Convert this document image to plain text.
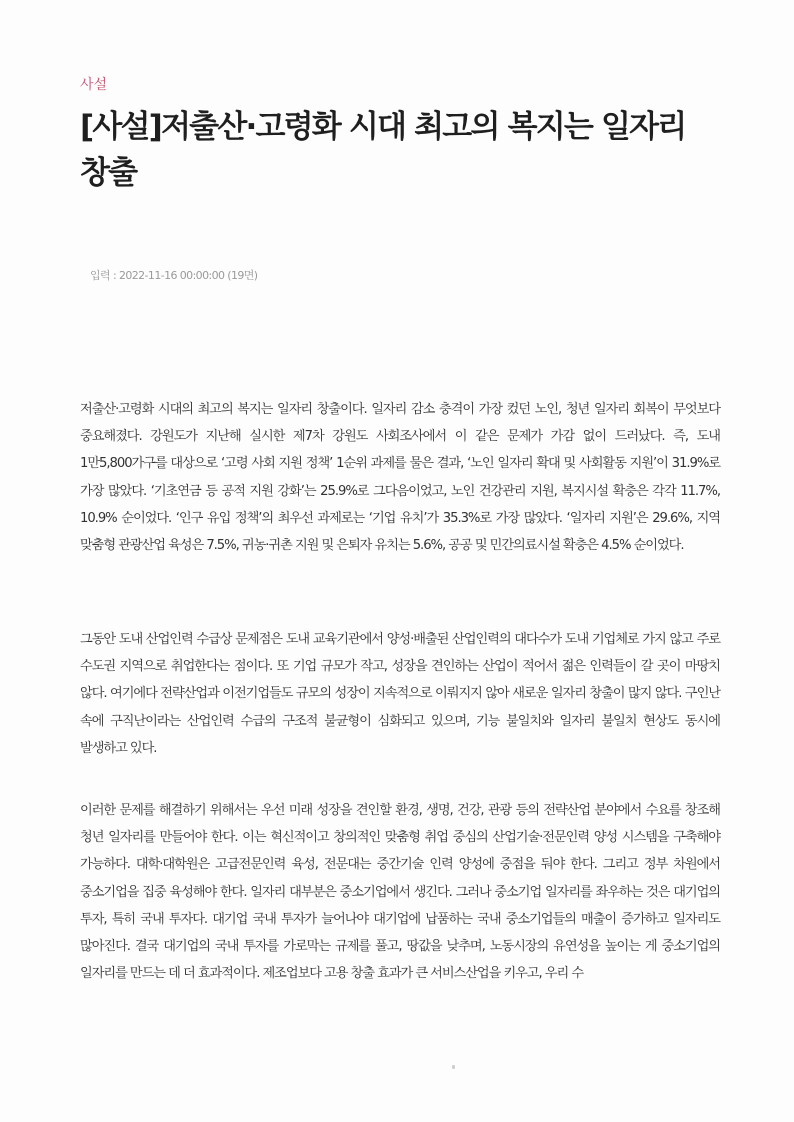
사설
[사설]저출산·고령화 시대 최고의 복지는 일자리 창출
입력 : 2022-11-16 00:00:00 (19면)

저출산·고령화 시대의 최고의 복지는 일자리 창출이다. 일자리 감소 충격이 가장 컸던 노인, 청년 일자리 회복이 무엇보다 중요해졌다. 강원도가 지난해 실시한 제7차 강원도 사회조사에서 이 같은 문제가 가감 없이 드러났다. 즉, 도내 1만5,800가구를 대상으로 ‘고령 사회 지원 정책’ 1순위 과제를 물은 결과, ‘노인 일자리 확대 및 사회활동 지원’이 31.9%로 가장 많았다. ‘기초연금 등 공적 지원 강화’는 25.9%로 그다음이었고, 노인 건강관리 지원, 복지시설 확충은 각각 11.7%, 10.9% 순이었다. ‘인구 유입 정책’의 최우선 과제로는 ‘기업 유치’가 35.3%로 가장 많았다. ‘일자리 지원’은 29.6%, 지역 맞춤형 관광산업 육성은 7.5%, 귀농·귀촌 지원 및 은퇴자 유치는 5.6%, 공공 및 민간의료시설 확충은 4.5% 순이었다.

그동안 도내 산업인력 수급상 문제점은 도내 교육기관에서 양성·배출된 산업인력의 대다수가 도내 기업체로 가지 않고 주로 수도권 지역으로 취업한다는 점이다. 또 기업 규모가 작고, 성장을 견인하는 산업이 적어서 젊은 인력들이 갈 곳이 마땅치 않다. 여기에다 전략산업과 이전기업들도 규모의 성장이 지속적으로 이뤄지지 않아 새로운 일자리 창출이 많지 않다. 구인난 속에 구직난이라는 산업인력 수급의 구조적 불균형이 심화되고 있으며, 기능 불일치와 일자리 불일치 현상도 동시에 발생하고 있다.

이러한 문제를 해결하기 위해서는 우선 미래 성장을 견인할 환경, 생명, 건강, 관광 등의 전략산업 분야에서 수요를 창조해 청년 일자리를 만들어야 한다. 이는 혁신적이고 창의적인 맞춤형 취업 중심의 산업기술·전문인력 양성 시스템을 구축해야 가능하다. 대학·대학원은 고급전문인력 육성, 전문대는 중간기술 인력 양성에 중점을 둬야 한다. 그리고 정부 차원에서 중소기업을 집중 육성해야 한다. 일자리 대부분은 중소기업에서 생긴다. 그러나 중소기업 일자리를 좌우하는 것은 대기업의 투자, 특히 국내 투자다. 대기업 국내 투자가 늘어나야 대기업에 납품하는 국내 중소기업들의 매출이 증가하고 일자리도 많아진다. 결국 대기업의 국내 투자를 가로막는 규제를 풀고, 땅값을 낮추며, 노동시장의 유연성을 높이는 게 중소기업의 일자리를 만드는 데 더 효과적이다. 제조업보다 고용 창출 효과가 큰 서비스산업을 키우고, 우리 수
